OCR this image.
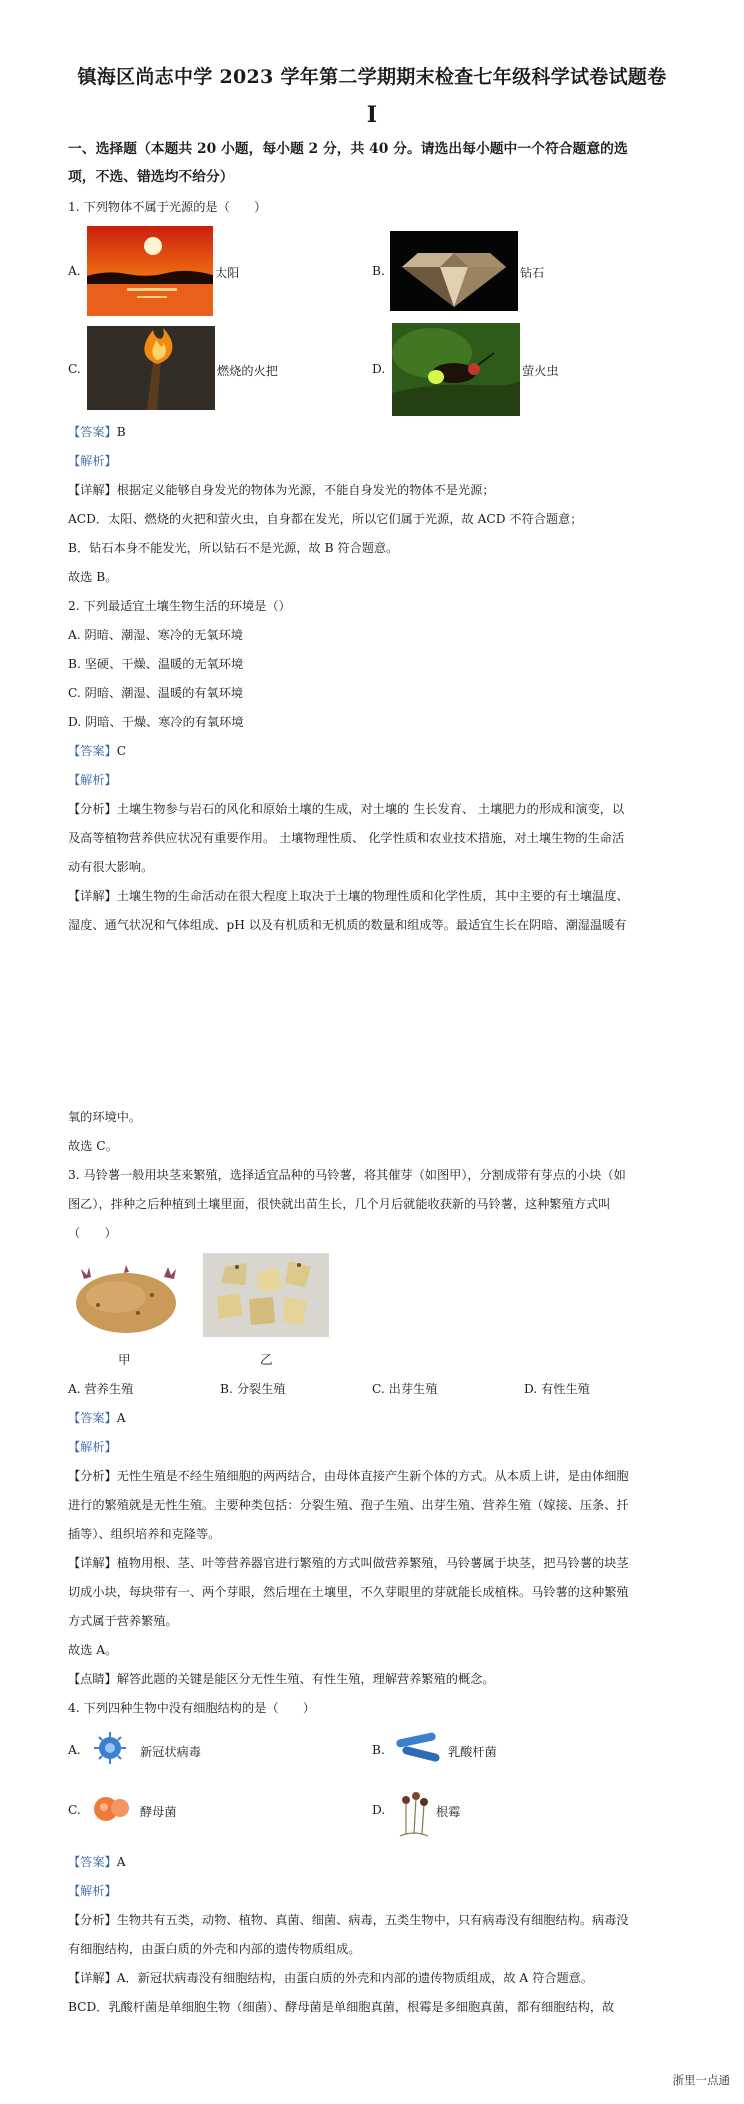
镇海区尚志中学 2023 学年第二学期期末检查七年级科学试卷试题卷
I
一、选择题（本题共 20 小题，每小题 2 分，共 40 分。请选出每小题中一个符合题意的选
项，不选、错选均不给分）
1. 下列物体不属于光源的是（　　）
A.	太阳	B.	钻石
C.	燃烧的火把	D.	萤火虫
【答案】B
【解析】
【详解】根据定义能够自身发光的物体为光源，不能自身发光的物体不是光源；
ACD．太阳、燃烧的火把和萤火虫，自身都在发光，所以它们属于光源，故 ACD 不符合题意；
B．钻石本身不能发光，所以钻石不是光源，故 B 符合题意。
故选 B。
2. 下列最适宜土壤生物生活的环境是（）
A. 阴暗、潮湿、寒冷的无氧环境
B. 坚硬、干燥、温暖的无氧环境
C. 阴暗、潮湿、温暖的有氧环境
D. 阴暗、干燥、寒冷的有氧环境
【答案】C
【解析】
【分析】土壤生物参与岩石的风化和原始土壤的生成，对土壤的 生长发育、 土壤肥力的形成和演变，以
及高等植物营养供应状况有重要作用。 土壤物理性质、 化学性质和农业技术措施，对土壤生物的生命活
动有很大影响。
【详解】土壤生物的生命活动在很大程度上取决于土壤的物理性质和化学性质，其中主要的有土壤温度、
湿度、通气状况和气体组成、pH 以及有机质和无机质的数量和组成等。最适宜生长在阴暗、潮湿温暖有
氧的环境中。
故选 C。
3. 马铃薯一般用块茎来繁殖，选择适宜品种的马铃薯，将其催芽（如图甲），分割成带有芽点的小块（如
图乙），拌种之后种植到土壤里面，很快就出苗生长，几个月后就能收获新的马铃薯，这种繁殖方式叫
（　　）
甲	乙
A. 营养生殖	B. 分裂生殖	C. 出芽生殖	D. 有性生殖
【答案】A
【解析】
【分析】无性生殖是不经生殖细胞的两两结合，由母体直接产生新个体的方式。从本质上讲，是由体细胞
进行的繁殖就是无性生殖。主要种类包括：分裂生殖、孢子生殖、出芽生殖、营养生殖（嫁接、压条、扦
插等）、组织培养和克隆等。
【详解】植物用根、茎、叶等营养器官进行繁殖的方式叫做营养繁殖，马铃薯属于块茎，把马铃薯的块茎
切成小块，每块带有一、两个芽眼，然后埋在土壤里，不久芽眼里的芽就能长成植株。马铃薯的这种繁殖
方式属于营养繁殖。
故选 A。
【点睛】解答此题的关键是能区分无性生殖、有性生殖，理解营养繁殖的概念。
4. 下列四种生物中没有细胞结构的是（　　）
A.	新冠状病毒	B.	乳酸杆菌
C.	酵母菌	D.	根霉
【答案】A
【解析】
【分析】生物共有五类，动物、植物、真菌、细菌、病毒，五类生物中，只有病毒没有细胞结构。病毒没
有细胞结构，由蛋白质的外壳和内部的遗传物质组成。
【详解】A．新冠状病毒没有细胞结构，由蛋白质的外壳和内部的遗传物质组成，故 A 符合题意。
BCD．乳酸杆菌是单细胞生物（细菌）、酵母菌是单细胞真菌，根霉是多细胞真菌，都有细胞结构，故
浙里一点通
